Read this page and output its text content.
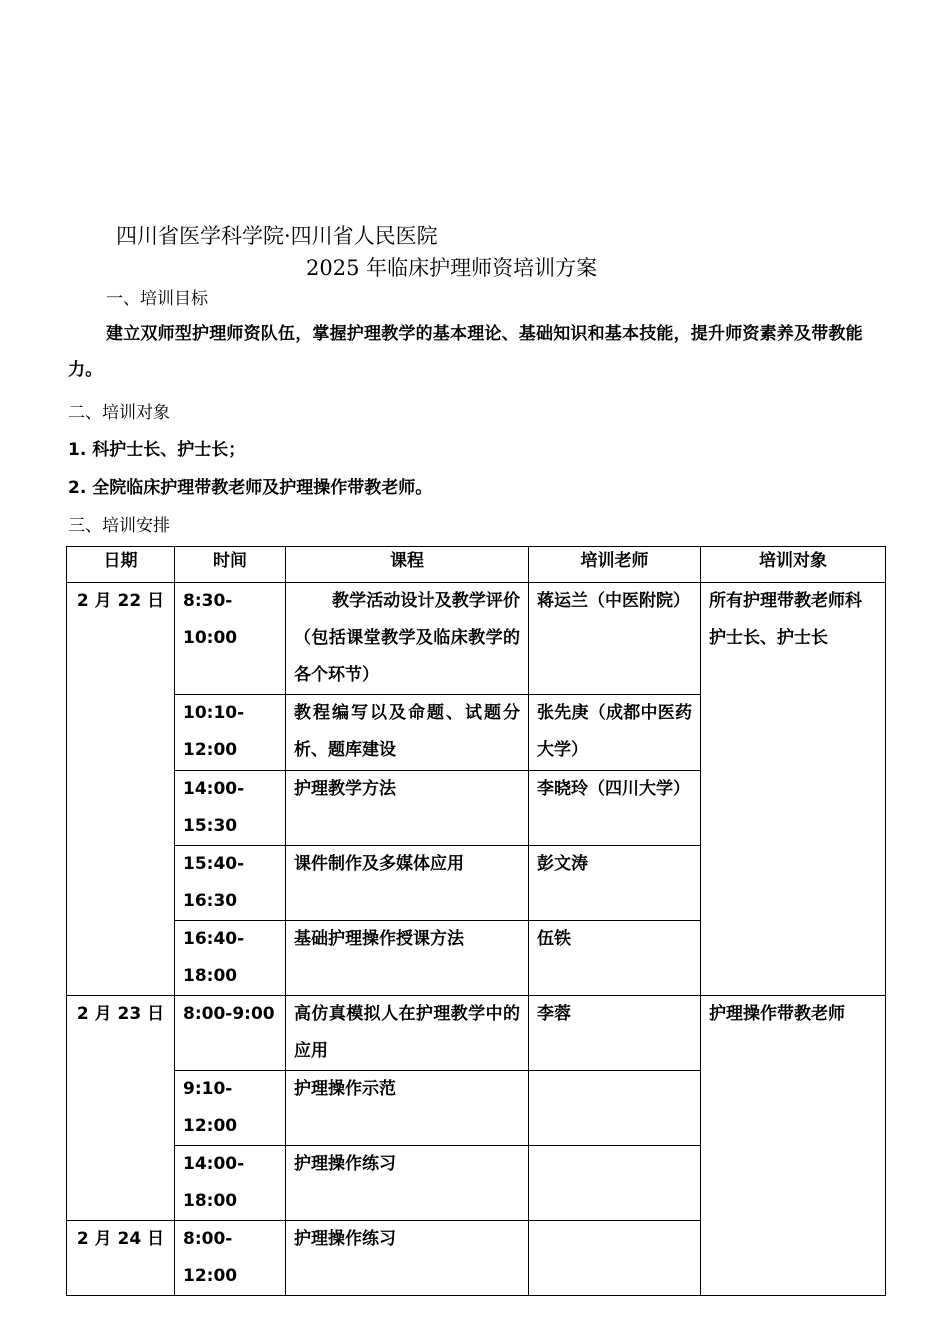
四川省医学科学院·四川省人民医院
2025 年临床护理师资培训方案
一、培训目标
建立双师型护理师资队伍，掌握护理教学的基本理论、基础知识和基本技能，提升师资素养及带教能力。
二、培训对象
1. 科护士长、护士长；
2. 全院临床护理带教老师及护理操作带教老师。
三、培训安排
日期	时间	课程	培训老师	培训对象
2 月 22 日	8:30-10:00	教学活动设计及教学评价（包括课堂教学及临床教学的各个环节）	蒋运兰（中医附院）	所有护理带教老师科护士长、护士长
	10:10-12:00	教程编写以及命题、试题分析、题库建设	张先庚（成都中医药大学）	
	14:00-15:30	护理教学方法	李晓玲（四川大学）	
	15:40-16:30	课件制作及多媒体应用	彭文涛	
	16:40-18:00	基础护理操作授课方法	伍铁	
2 月 23 日	8:00-9:00	高仿真模拟人在护理教学中的应用	李蓉	护理操作带教老师
	9:10-12:00	护理操作示范		
	14:00-18:00	护理操作练习		
2 月 24 日	8:00-12:00	护理操作练习		
